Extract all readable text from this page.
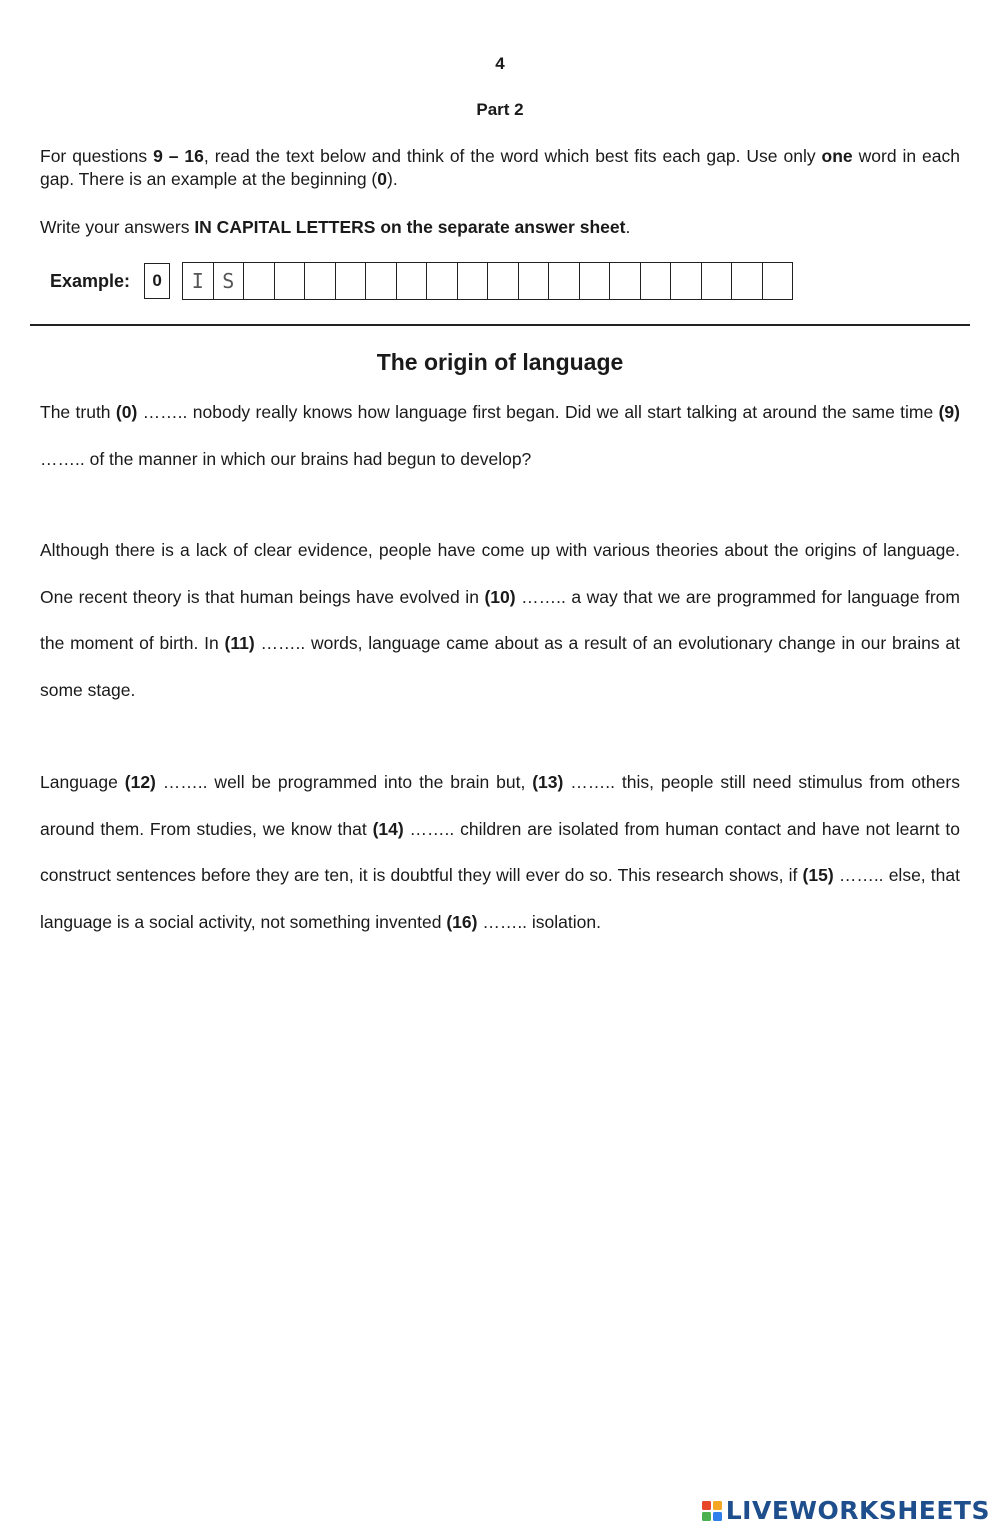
4
Part 2
For questions 9 – 16, read the text below and think of the word which best fits each gap. Use only one word in each gap. There is an example at the beginning (0).
Write your answers IN CAPITAL LETTERS on the separate answer sheet.
Example:	0	I S
The origin of language
The truth (0) …….. nobody really knows how language first began. Did we all start talking at around the same time (9) …….. of the manner in which our brains had begun to develop?
Although there is a lack of clear evidence, people have come up with various theories about the origins of language. One recent theory is that human beings have evolved in (10) …….. a way that we are programmed for language from the moment of birth. In (11) …….. words, language came about as a result of an evolutionary change in our brains at some stage.
Language (12) …….. well be programmed into the brain but, (13) …….. this, people still need stimulus from others around them. From studies, we know that (14) …….. children are isolated from human contact and have not learnt to construct sentences before they are ten, it is doubtful they will ever do so. This research shows, if (15) …….. else, that language is a social activity, not something invented (16) …….. isolation.
LIVEWORKSHEETS
